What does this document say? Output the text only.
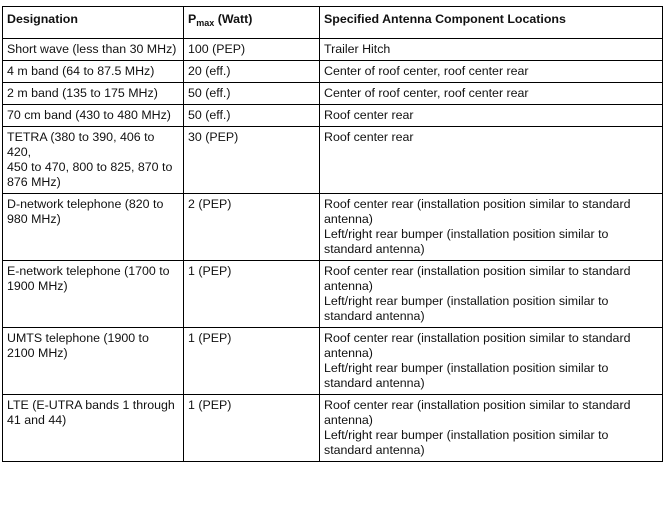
Designation	$P_{max}$ (Watt)	Specified Antenna Component Locations
Short wave (less than 30 MHz)	100 (PEP)	Trailer Hitch

4 m band (64 to 87.5 MHz)	20 (eff.)	Center of roof center, roof center rear

2 m band (135 to 175 MHz)	50 (eff.)	Center of roof center, roof center rear

70 cm band (430 to 480 MHz)	50 (eff.)	Roof center rear

TETRA (380 to 390, 406 to 420,
450 to 470, 800 to 825, 870 to 876 MHz)	30 (PEP)	Roof center rear

D-network telephone (820 to 980 MHz)	2 (PEP)	Roof center rear (installation position similar to standard antenna)
Left/right rear bumper (installation position similar to standard antenna)

E-network telephone (1700 to 1900 MHz)	1 (PEP)	Roof center rear (installation position similar to standard antenna)
Left/right rear bumper (installation position similar to standard antenna)

UMTS telephone (1900 to 2100 MHz)	1 (PEP)	Roof center rear (installation position similar to standard antenna)
Left/right rear bumper (installation position similar to standard antenna)

LTE (E-UTRA bands 1 through 41 and 44)	1 (PEP)	Roof center rear (installation position similar to standard antenna)
Left/right rear bumper (installation position similar to standard antenna)
